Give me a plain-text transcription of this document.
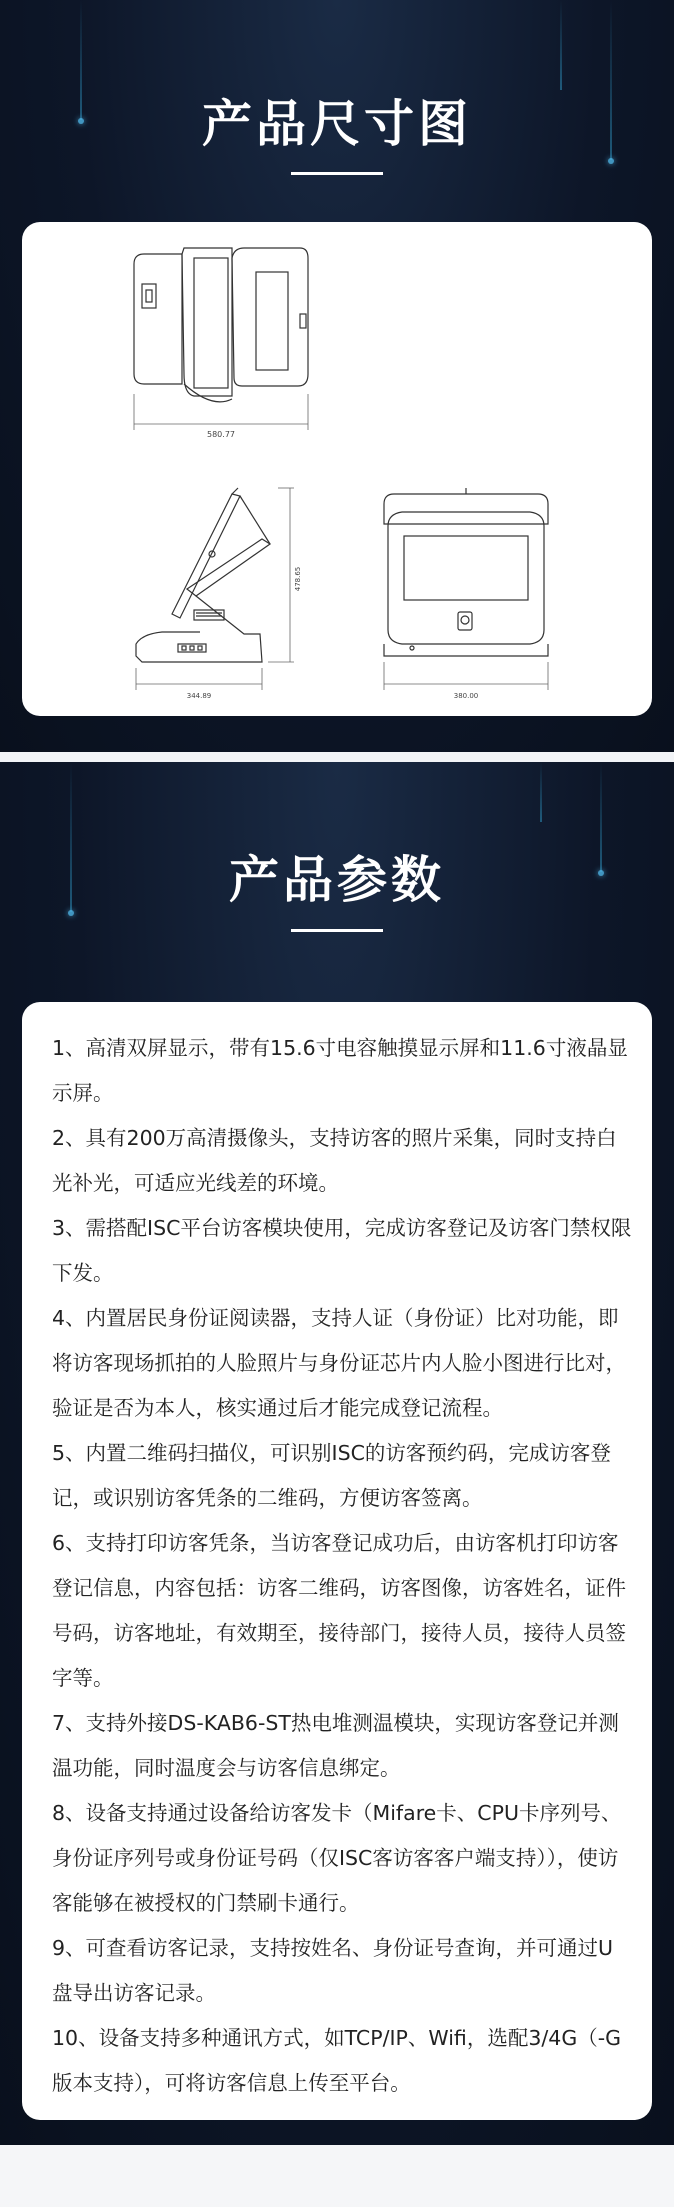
产品尺寸图
580.77
478.65
344.89	380.00
产品参数

1、高清双屏显示，带有15.6寸电容触摸显示屏和11.6寸液晶显示屏。

2、具有200万高清摄像头，支持访客的照片采集，同时支持白光补光，可适应光线差的环境。

3、需搭配ISC平台访客模块使用，完成访客登记及访客门禁权限下发。

4、内置居民身份证阅读器，支持人证（身份证）比对功能，即将访客现场抓拍的人脸照片与身份证芯片内人脸小图进行比对，验证是否为本人，核实通过后才能完成登记流程。

5、内置二维码扫描仪，可识别ISC的访客预约码，完成访客登记，或识别访客凭条的二维码，方便访客签离。

6、支持打印访客凭条，当访客登记成功后，由访客机打印访客登记信息，内容包括：访客二维码，访客图像，访客姓名，证件号码，访客地址，有效期至，接待部门，接待人员，接待人员签字等。

7、支持外接DS-KAB6-ST热电堆测温模块，实现访客登记并测温功能，同时温度会与访客信息绑定。

8、设备支持通过设备给访客发卡（Mifare卡、CPU卡序列号、身份证序列号或身份证号码（仅ISC客访客客户端支持）），使访客能够在被授权的门禁刷卡通行。

9、可查看访客记录，支持按姓名、身份证号查询，并可通过U盘导出访客记录。

10、设备支持多种通讯方式，如TCP/IP、Wifi，选配3/4G（-G版本支持），可将访客信息上传至平台。
